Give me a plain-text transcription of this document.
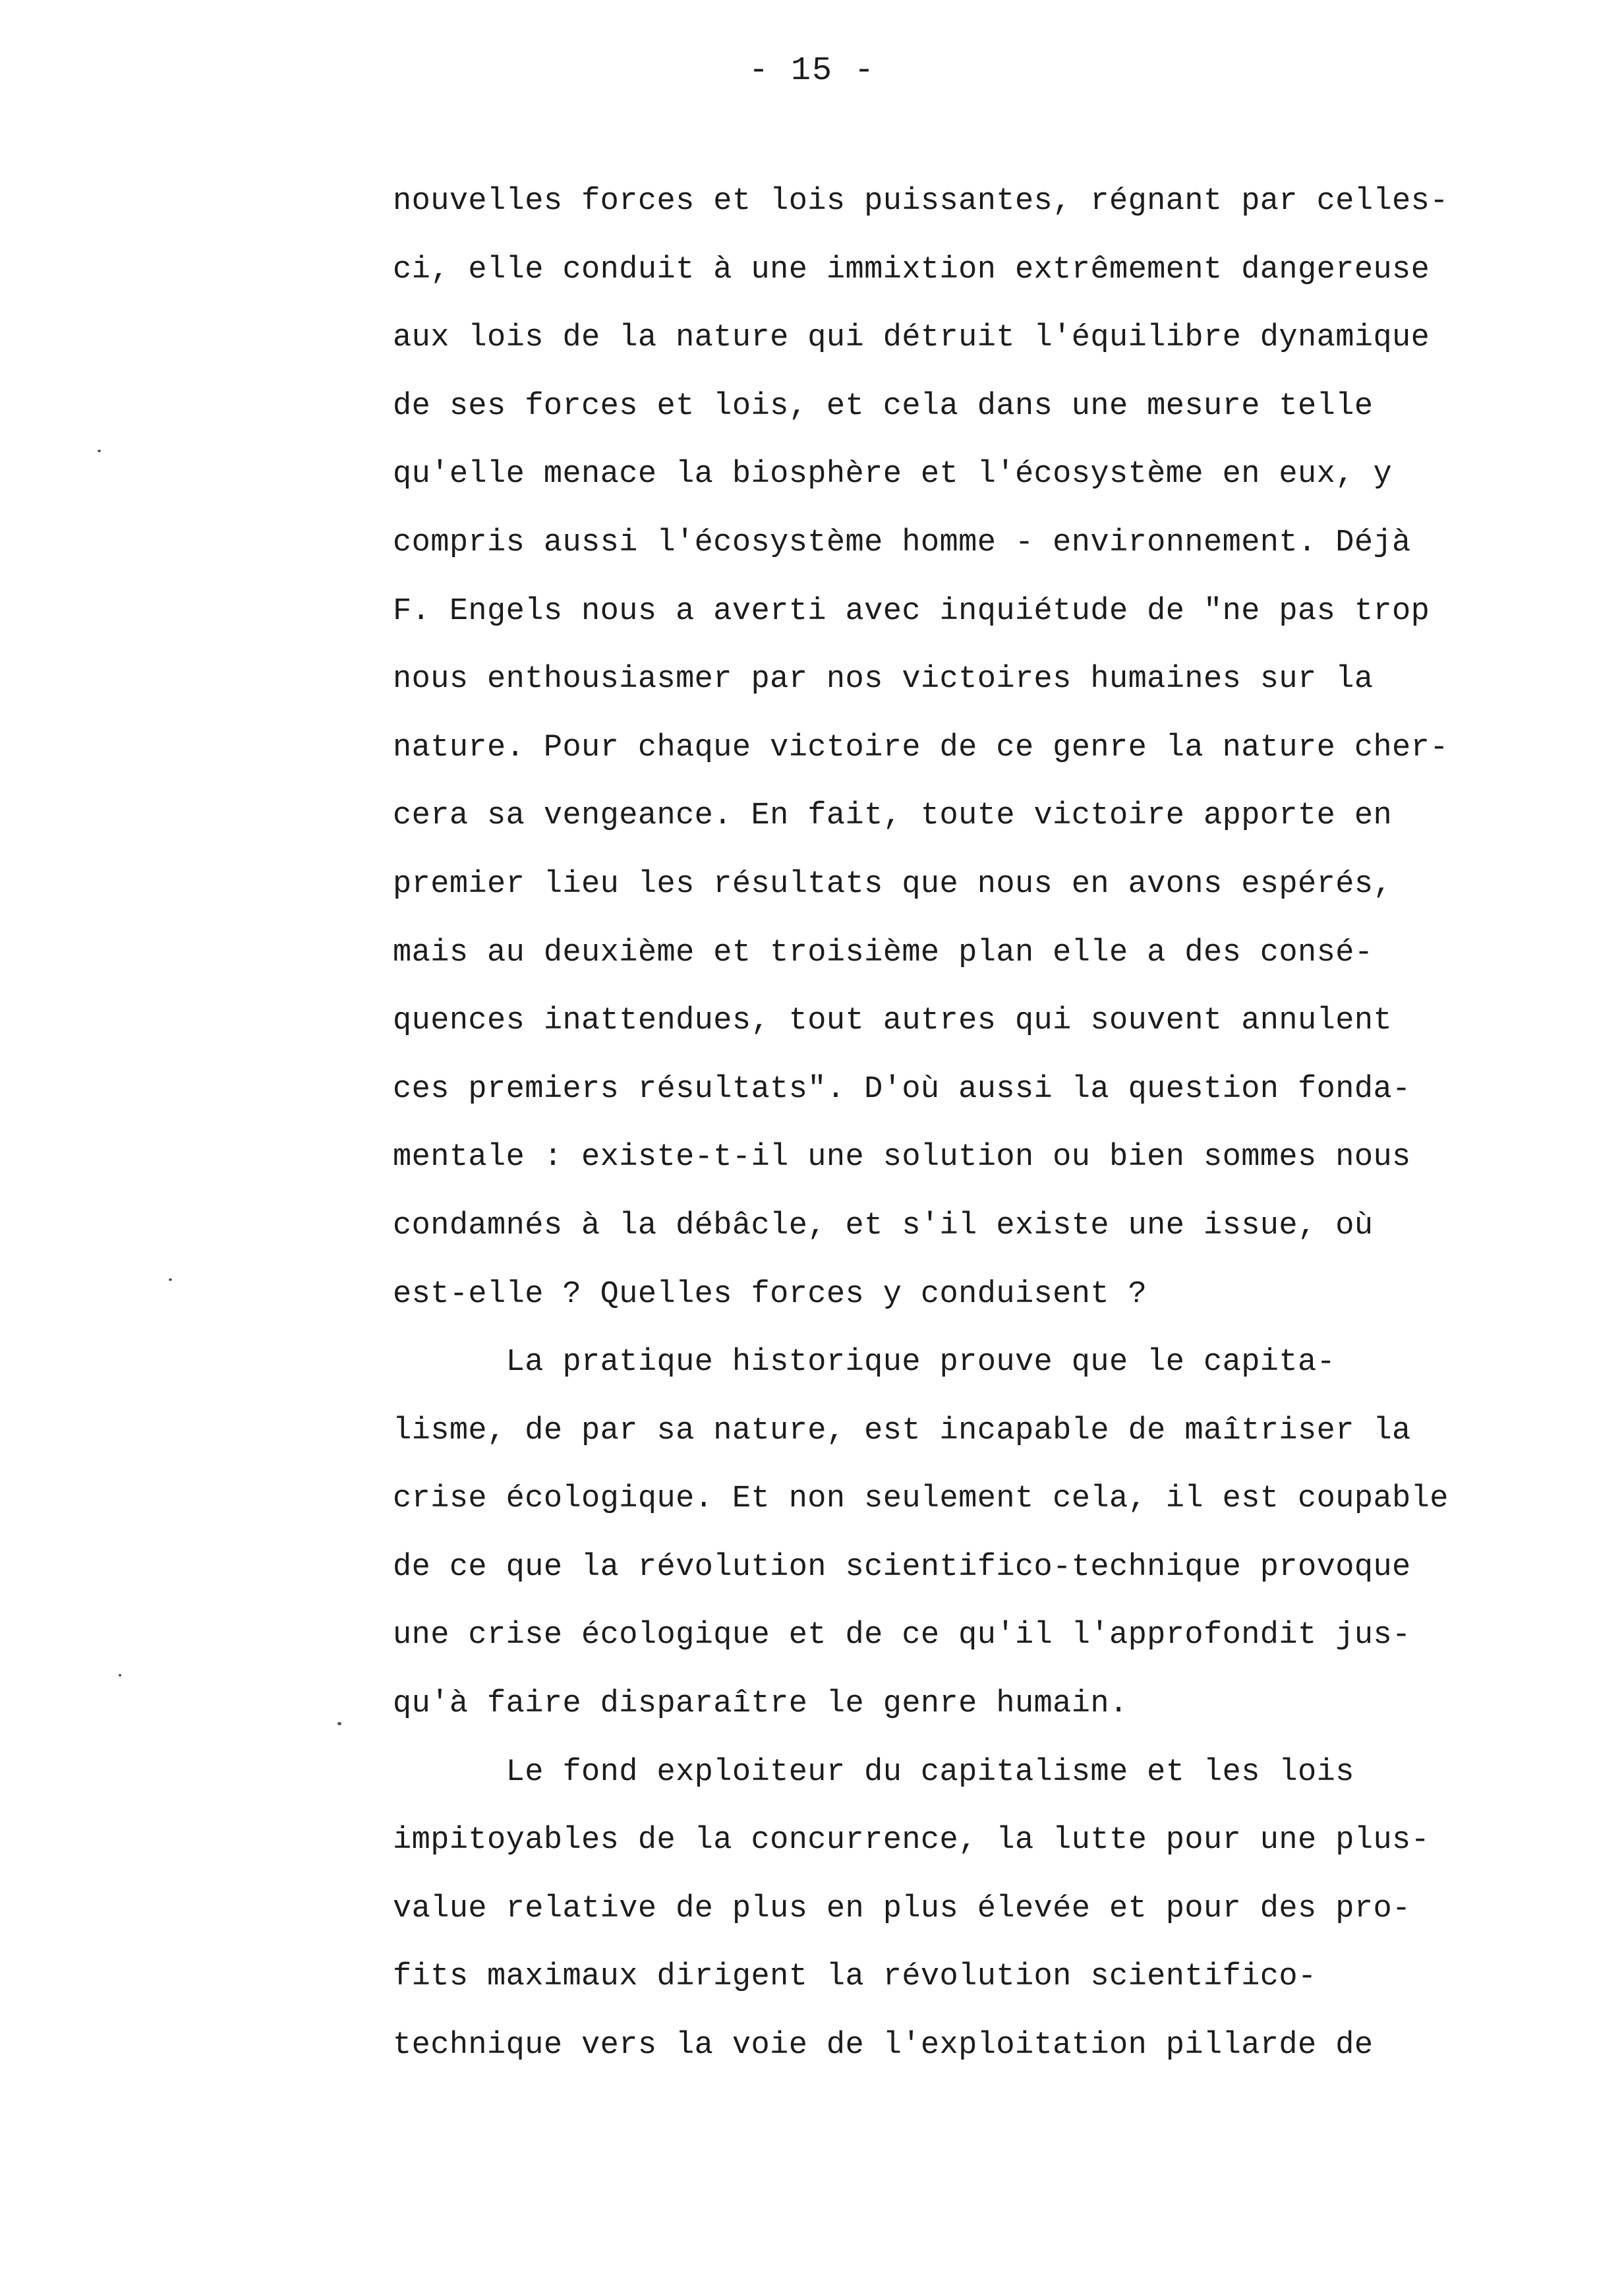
- 15 -
nouvelles forces et lois puissantes, régnant par celles-
ci, elle conduit à une immixtion extrêmement dangereuse
aux lois de la nature qui détruit l'équilibre dynamique
de ses forces et lois, et cela dans une mesure telle
qu'elle menace la biosphère et l'écosystème en eux, y
compris aussi l'écosystème homme - environnement. Déjà
F. Engels nous a averti avec inquiétude de "ne pas trop
nous enthousiasmer par nos victoires humaines sur la
nature. Pour chaque victoire de ce genre la nature cher-
cera sa vengeance. En fait, toute victoire apporte en
premier lieu les résultats que nous en avons espérés,
mais au deuxième et troisième plan elle a des consé-
quences inattendues, tout autres qui souvent annulent
ces premiers résultats". D'où aussi la question fonda-
mentale : existe-t-il une solution ou bien sommes nous
condamnés à la débâcle, et s'il existe une issue, où
est-elle ? Quelles forces y conduisent ?
La pratique historique prouve que le capita-
lisme, de par sa nature, est incapable de maîtriser la
crise écologique. Et non seulement cela, il est coupable
de ce que la révolution scientifico-technique provoque
une crise écologique et de ce qu'il l'approfondit jus-
qu'à faire disparaître le genre humain.
Le fond exploiteur du capitalisme et les lois
impitoyables de la concurrence, la lutte pour une plus-
value relative de plus en plus élevée et pour des pro-
fits maximaux dirigent la révolution scientifico-
technique vers la voie de l'exploitation pillarde de
